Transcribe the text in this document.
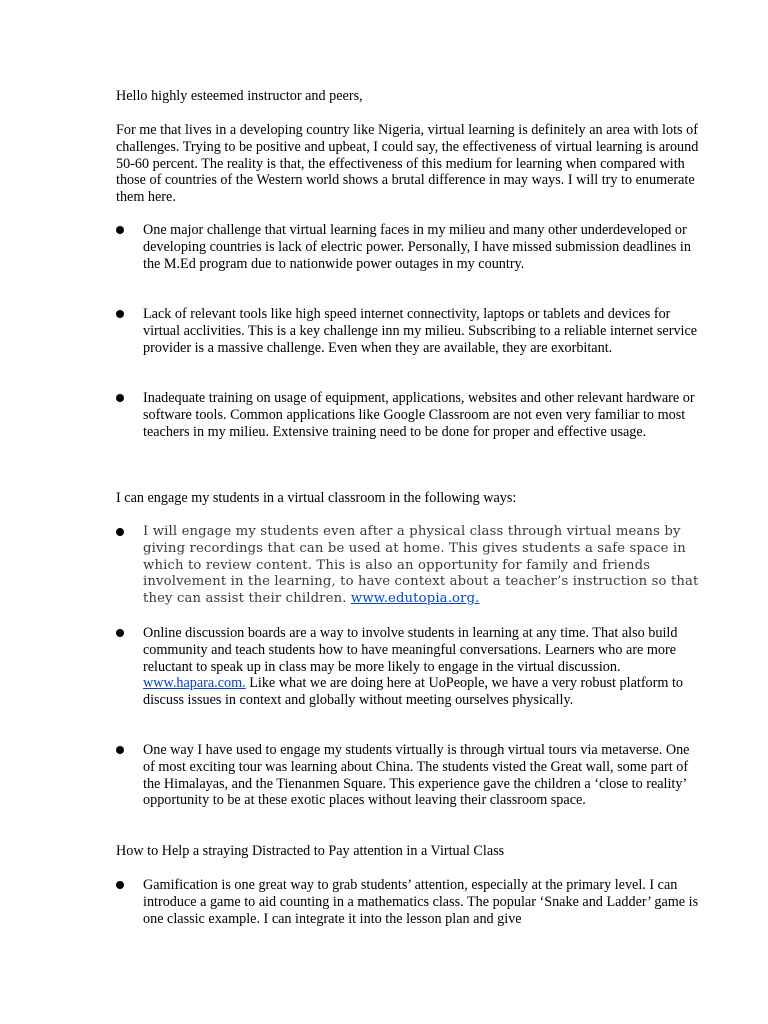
Hello highly esteemed instructor and peers,

For me that lives in a developing country like Nigeria, virtual learning is definitely an area with lots of challenges. Trying to be positive and upbeat, I could say, the effectiveness of virtual learning is around 50-60 percent. The reality is that, the effectiveness of this medium for learning when compared with those of countries of the Western world shows a brutal difference in may ways. I will try to enumerate them here.

One major challenge that virtual learning faces in my milieu and many other underdeveloped or developing countries is lack of electric power. Personally, I have missed submission deadlines in the M.Ed program due to nationwide power outages in my country.

Lack of relevant tools like high speed internet connectivity, laptops or tablets and devices for virtual acclivities. This is a key challenge inn my milieu. Subscribing to a reliable internet service provider is a massive challenge. Even when they are available, they are exorbitant.

Inadequate training on usage of equipment, applications, websites and other relevant hardware or software tools. Common applications like Google Classroom are not even very familiar to most teachers in my milieu. Extensive training need to be done for proper and effective usage.

I can engage my students in a virtual classroom in the following ways:

I will engage my students even after a physical class through virtual means by giving recordings that can be used at home. This gives students a safe space in which to review content. This is also an opportunity for family and friends involvement in the learning, to have context about a teacher’s instruction so that they can assist their children. www.edutopia.org.

Online discussion boards are a way to involve students in learning at any time. That also build community and teach students how to have meaningful conversations. Learners who are more reluctant to speak up in class may be more likely to engage in the virtual discussion. www.hapara.com. Like what we are doing here at UoPeople, we have a very robust platform to discuss issues in context and globally without meeting ourselves physically.

One way I have used to engage my students virtually is through virtual tours via metaverse. One of most exciting tour was learning about China. The students visted the Great wall, some part of the Himalayas, and the Tienanmen Square. This experience gave the children a ‘close to reality’ opportunity to be at these exotic places without leaving their classroom space.

How to Help a straying Distracted to Pay attention in a Virtual Class

Gamification is one great way to grab students’ attention, especially at the primary level. I can introduce a game to aid counting in a mathematics class. The popular ‘Snake and Ladder’ game is one classic example. I can integrate it into the lesson plan and give
